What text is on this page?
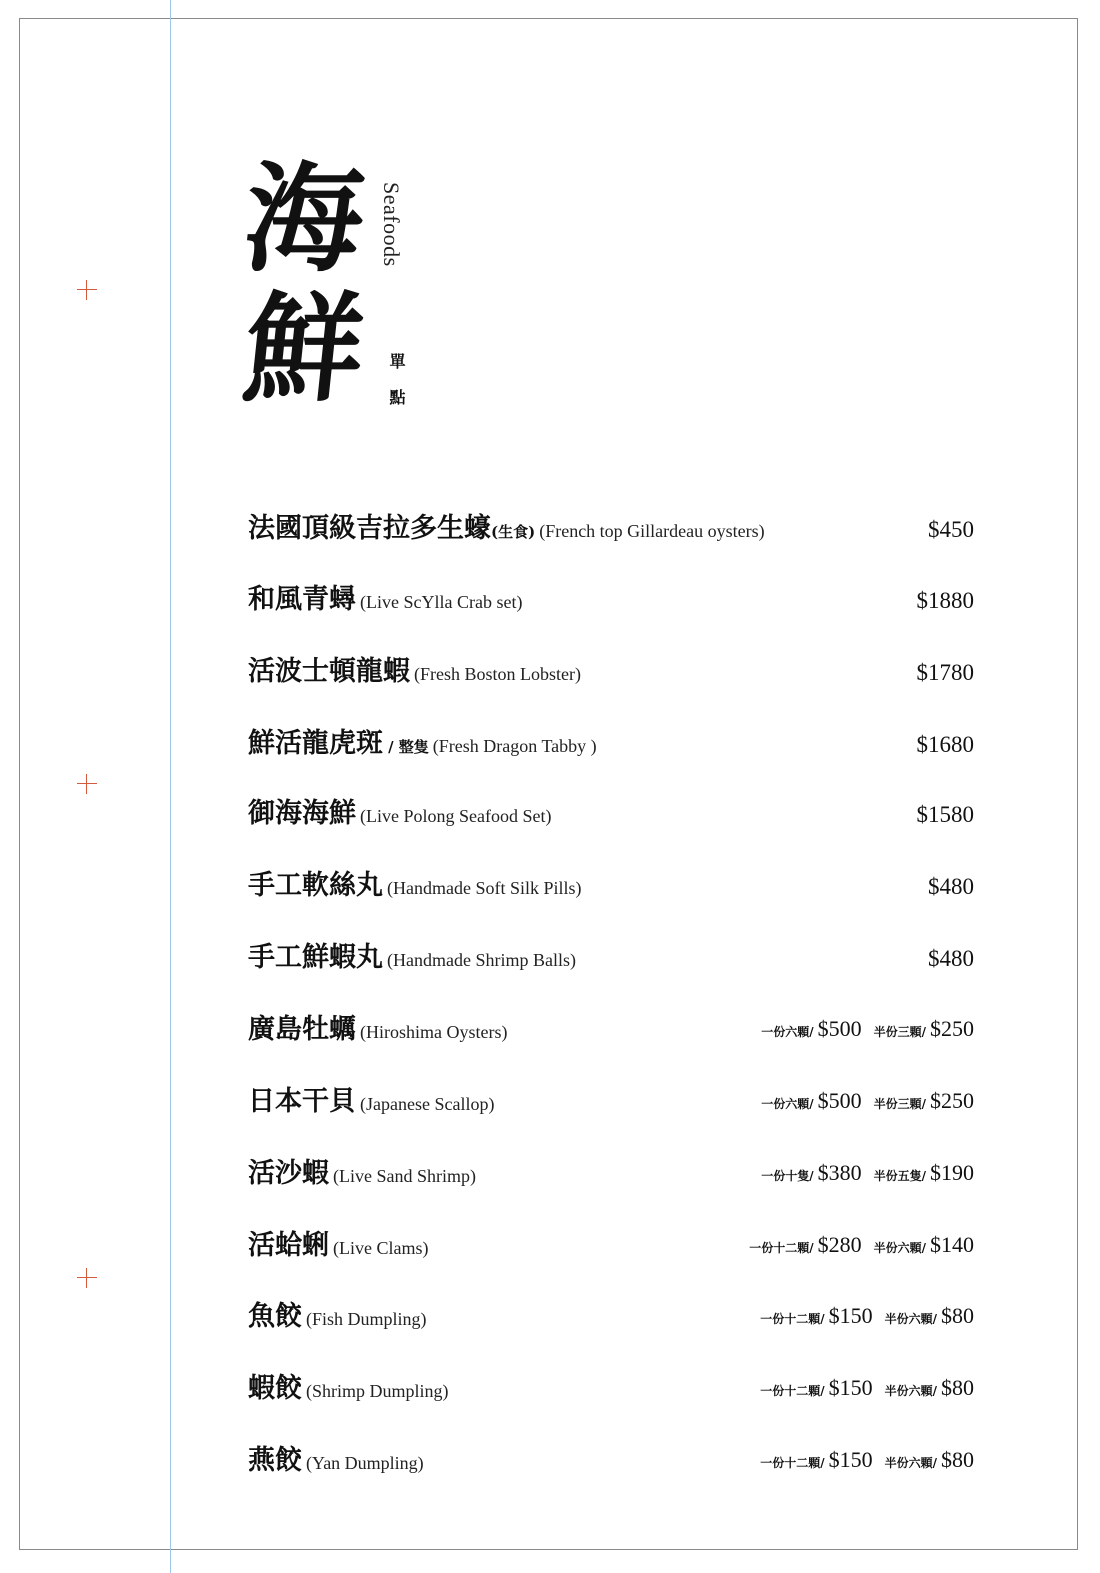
海
鮮
Seafoods
單點
法國頂級吉拉多生蠔(生食) (French top Gillardeau oysters)	$450
和風青蟳 (Live ScYlla Crab set)	$1880
活波士頓龍蝦 (Fresh Boston Lobster)	$1780
鮮活龍虎斑 / 整隻 (Fresh Dragon Tabby )	$1680
御海海鮮 (Live Polong Seafood Set)	$1580
手工軟絲丸 (Handmade Soft Silk Pills)	$480
手工鮮蝦丸 (Handmade Shrimp Balls)	$480
廣島牡蠣 (Hiroshima Oysters)	一份六顆/ $500 半份三顆/ $250
日本干貝 (Japanese Scallop)	一份六顆/ $500 半份三顆/ $250
活沙蝦 (Live Sand Shrimp)	一份十隻/ $380 半份五隻/ $190
活蛤蜊 (Live Clams)	一份十二顆/ $280 半份六顆/ $140
魚餃 (Fish Dumpling)	一份十二顆/ $150 半份六顆/ $80
蝦餃 (Shrimp Dumpling)	一份十二顆/ $150 半份六顆/ $80
燕餃 (Yan Dumpling)	一份十二顆/ $150 半份六顆/ $80
